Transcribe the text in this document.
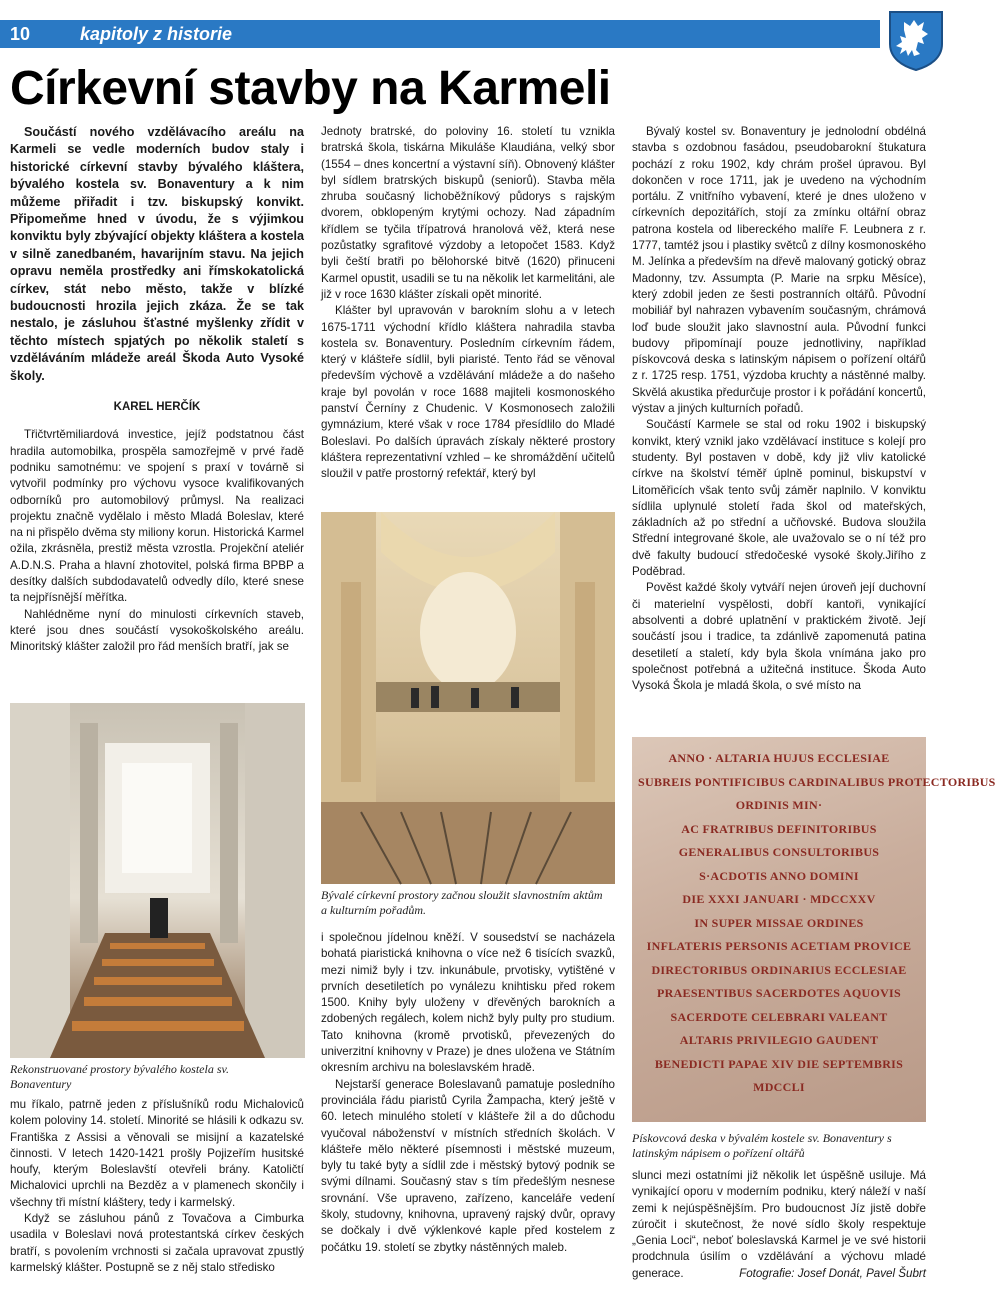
10	kapitoly z historie
Církevní stavby na Karmeli

Součástí nového vzdělávacího areálu na Karmeli se vedle moderních budov staly i historické církevní stavby bývalého kláštera, bývalého kostela sv. Bonaventury a k nim můžeme přiřadit i tzv. biskupský konvikt. Připomeňme hned v úvodu, že s výjimkou konviktu byly zbývající objekty kláštera a kostela v silně zanedbaném, havarijním stavu. Na jejich opravu neměla prostředky ani římskokatolická církev, stát nebo město, takže v blízké budoucnosti hrozila jejich zkáza. Že se tak nestalo, je zásluhou šťastné myšlenky zřídit v těchto místech spjatých po několik staletí s vzděláváním mládeže areál Škoda Auto Vysoké školy.

KAREL HERČÍK

Třičtvrtěmiliardová investice, jejíž podstatnou část hradila automobilka, prospěla samozřejmě v prvé řadě podniku samotnému: ve spojení s praxí v továrně si vytvořil podmínky pro výchovu vysoce kvalifikovaných odborníků pro automobilový průmysl. Na realizaci projektu značně vydělalo i město Mladá Boleslav, které na ni přispělo dvěma sty miliony korun. Historická Karmel ožila, zkrásněla, prestiž města vzrostla. Projekční ateliér A.D.N.S. Praha a hlavní zhotovitel, polská firma BPBP a desítky dalších subdodavatelů odvedly dílo, které snese ta nejpřísnější měřítka.

Nahlédněme nyní do minulosti církevních staveb, které jsou dnes součástí vysokoškolského areálu. Minoritský klášter založil pro řád menších bratří, jak se

Rekonstruované prostory bývalého kostela sv. Bonaventury

mu říkalo, patrně jeden z příslušníků rodu Michaloviců kolem poloviny 14. století. Minorité se hlásili k odkazu sv. Františka z Assisi a věnovali se misijní a kazatelské činnosti. V letech 1420-1421 prošly Pojizeřím husitské houfy, kterým Boleslavští otevřeli brány. Katoličtí Michalovici uprchli na Bezděz a v plamenech skončily i všechny tři místní kláštery, tedy i karmelský.

Když se zásluhou pánů z Tovačova a Cimburka usadila v Boleslavi nová protestantská církev českých bratří, s povolením vrchnosti si začala upravovat zpustlý karmelský klášter. Postupně se z něj stalo středisko

Jednoty bratrské, do poloviny 16. století tu vznikla bratrská škola, tiskárna Mikuláše Klaudiána, velký sbor (1554 – dnes koncertní a výstavní síň). Obnovený klášter byl sídlem bratrských biskupů (seniorů). Stavba měla zhruba současný lichoběžníkový půdorys s rajským dvorem, obklopeným krytými ochozy. Nad západním křídlem se tyčila třípatrová hranolová věž, která nese pozůstatky sgrafitové výzdoby a letopočet 1583. Když byli čeští bratři po bělohorské bitvě (1620) přinuceni Karmel opustit, usadili se tu na několik let karmelitáni, ale již v roce 1630 klášter získali opět minorité.

Klášter byl upravován v barokním slohu a v letech 1675-1711 východní křídlo kláštera nahradila stavba kostela sv. Bonaventury. Posledním církevním řádem, který v klášteře sídlil, byli piaristé. Tento řád se věnoval především výchově a vzdělávání mládeže a do našeho kraje byl povolán v roce 1688 majiteli kosmonoského panství Černíny z Chudenic. V Kosmonosech založili gymnázium, které však v roce 1784 přesídlilo do Mladé Boleslavi. Po dalších úpravách získaly některé prostory kláštera reprezentativní vzhled – ke shromáždění učitelů sloužil v patře prostorný refektář, který byl

Bývalé církevní prostory začnou sloužit slavnostním aktům a kulturním pořadům.

i společnou jídelnou kněží. V sousedství se nacházela bohatá piaristická knihovna o více než 6 tisících svazků, mezi nimiž byly i tzv. inkunábule, prvotisky, vytištěné v prvních desetiletích po vynálezu knihtisku před rokem 1500. Knihy byly uloženy v dřevěných barokních a zdobených regálech, kolem nichž byly pulty pro studium. Tato knihovna (kromě prvotisků, převezených do univerzitní knihovny v Praze) je dnes uložena ve Státním okresním archivu na boleslavském hradě.

Nejstarší generace Boleslavanů pamatuje posledního provinciála řádu piaristů Cyrila Žampacha, který ještě v 60. letech minulého století v klášteře žil a do důchodu vyučoval náboženství v místních středních školách. V klášteře mělo některé písemnosti i městské muzeum, byly tu také byty a sídlil zde i městský bytový podnik se svými dílnami. Současný stav s tím předešlým nesnese srovnání. Vše upraveno, zařízeno, kanceláře vedení školy, studovny, knihovna, upravený rajský dvůr, opravy se dočkaly i dvě výklenkové kaple před kostelem z počátku 19. století se zbytky nástěnných maleb.

Bývalý kostel sv. Bonaventury je jednolodní obdélná stavba s ozdobnou fasádou, pseudobarokní štukatura pochází z roku 1902, kdy chrám prošel úpravou. Byl dokončen v roce 1711, jak je uvedeno na východním portálu. Z vnitřního vybavení, které je dnes uloženo v církevních depozitářích, stojí za zmínku oltářní obraz patrona kostela od libereckého malíře F. Leubnera z r. 1777, tamtéž jsou i plastiky světců z dílny kosmonoského M. Jelínka a především na dřevě malovaný gotický obraz Madonny, tzv. Assumpta (P. Marie na srpku Měsíce), který zdobil jeden ze šesti postranních oltářů. Původní mobiliář byl nahrazen vybavením současným, chrámová loď bude sloužit jako slavnostní aula. Původní funkci budovy připomínají pouze jednotliviny, například pískovcová deska s latinským nápisem o pořízení oltářů z r. 1725 resp. 1751, výzdoba kruchty a nástěnné malby. Skvělá akustika předurčuje prostor i k pořádání koncertů, výstav a jiných kulturních pořadů.

Součástí Karmele se stal od roku 1902 i biskupský konvikt, který vznikl jako vzdělávací instituce s kolejí pro studenty. Byl postaven v době, kdy již vliv katolické církve na školství téměř úplně pominul, biskupství v Litoměřicích však tento svůj záměr naplnilo. V konviktu sídlila uplynulé století řada škol od mateřských, základních až po střední a učňovské. Budova sloužila Střední integrované škole, ale uvažovalo se o ní též pro dvě fakulty budoucí středočeské vysoké školy.Jiřího z Poděbrad.

Pověst každé školy vytváří nejen úroveň její duchovní či materielní vyspělosti, dobří kantoři, vynikající absolventi a dobré uplatnění v praktickém životě. Její součástí jsou i tradice, ta zdánlivě zapomenutá patina desetiletí a staletí, kdy byla škola vnímána jako pro společnost potřebná a užitečná instituce. Škoda Auto Vysoká Škola je mladá škola, o své místo na

ANNO · ALTARIA HUJUS ECCLESIAE
SUBREIS PONTIFICIBUS CARDINALIBUS PROTECTORIBUS
ORDINIS MIN·
AC FRATRIBUS DEFINITORIBUS
GENERALIBUS CONSULTORIBUS
S·ACDOTIS ANNO DOMINI
DIE XXXI JANUARI · MDCCXXV
IN SUPER MISSAE ORDINES
INFLATERIS PERSONIS ACETIAM PROVICE
DIRECTORIBUS ORDINARIUS ECCLESIAE
PRAESENTIBUS SACERDOTES AQUOVIS
SACERDOTE CELEBRARI VALEANT
ALTARIS PRIVILEGIO GAUDENT
BENEDICTI PAPAE XIV DIE SEPTEMBRIS
MDCCLI
Pískovcová deska v bývalém kostele sv. Bonaventury s latinským nápisem o pořízení oltářů

slunci mezi ostatními již několik let úspěšně usiluje. Má vynikající oporu v moderním podniku, který náleží v naší zemi k nejúspěšnějším. Pro budoucnost Jíz jistě dobře zúročit i skutečnost, že nové sídlo školy respektuje „Genia Loci“, neboť boleslavská Karmel je ve své historii prodchnula úsilím o vzdělávání a výchovu mladé generace.	Fotografie: Josef Donát, Pavel Šubrt
